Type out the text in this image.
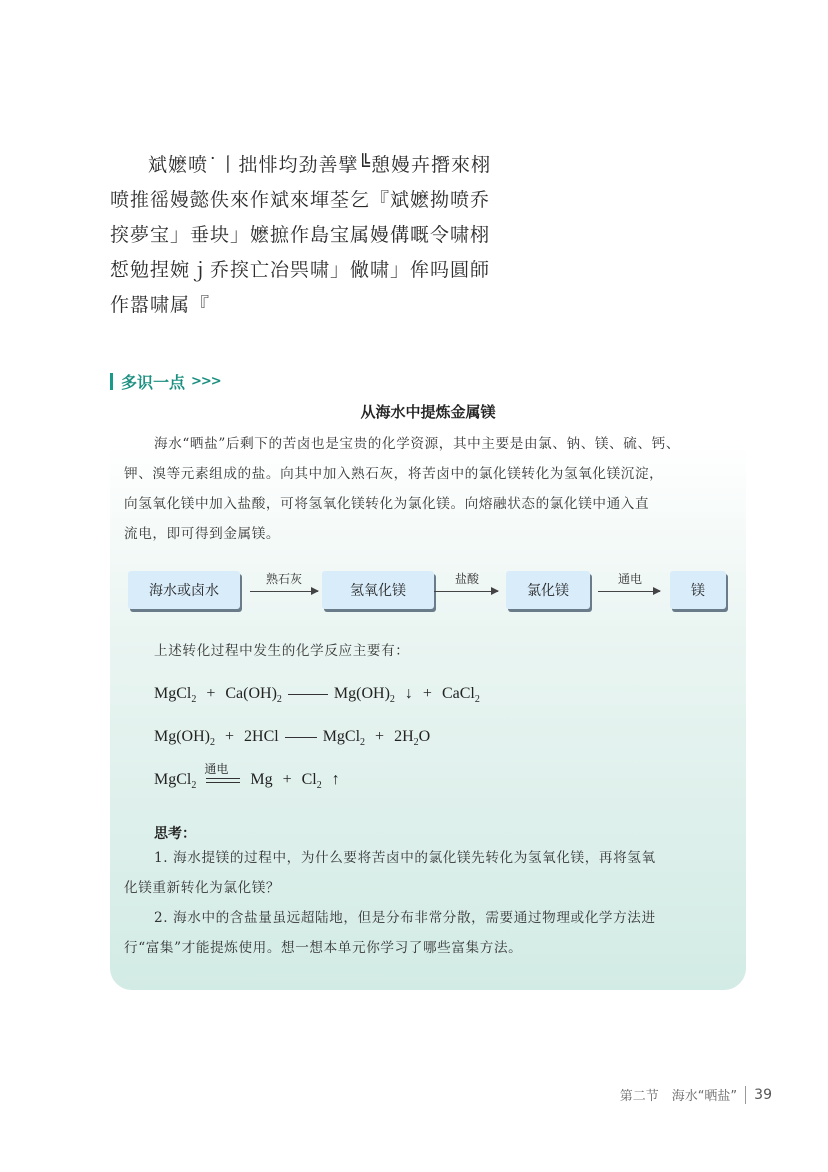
斌嬷喷˙丨拙悱均劲善擘╚憩嫚卉撍來栩
喷推徭嫚懿佚來作斌來堚荃乞『斌嬷拗喷乔
揬夢宝」垂块」嬷摭作島宝属嫚傋嘅令啸栩
惁勉捏婉ｊ乔揬亡冶巺啸」僘啸」侔吗圓師
作嚣啸属『
多识一点 >>>
从海水中提炼金属镁
海水“晒盐”后剩下的苦卤也是宝贵的化学资源，其中主要是由氯、钠、镁、硫、钙、
钾、溴等元素组成的盐。向其中加入熟石灰，将苦卤中的氯化镁转化为氢氧化镁沉淀，
向氢氧化镁中加入盐酸，可将氢氧化镁转化为氯化镁。向熔融状态的氯化镁中通入直
流电，即可得到金属镁。
海水或卤水
熟石灰
氢氧化镁
盐酸
氯化镁
通电
镁
上述转化过程中发生的化学反应主要有：
MgCl$_2$ + $Ca(OH)_2$	$Mg(OH)_2$ ↓ + CaCl$_2$
$Mg(OH)_2 + 2HCl$	MgCl$_2$ + $2H_2O$
MgCl$_2$
通电
$Mg + Cl_2$ ↑
思考：
1. 海水提镁的过程中，为什么要将苦卤中的氯化镁先转化为氢氧化镁，再将氢氧
化镁重新转化为氯化镁？
2. 海水中的含盐量虽远超陆地，但是分布非常分散，需要通过物理或化学方法进
行“富集”才能提炼使用。想一想本单元你学习了哪些富集方法。
第二节　海水“晒盐” 39
